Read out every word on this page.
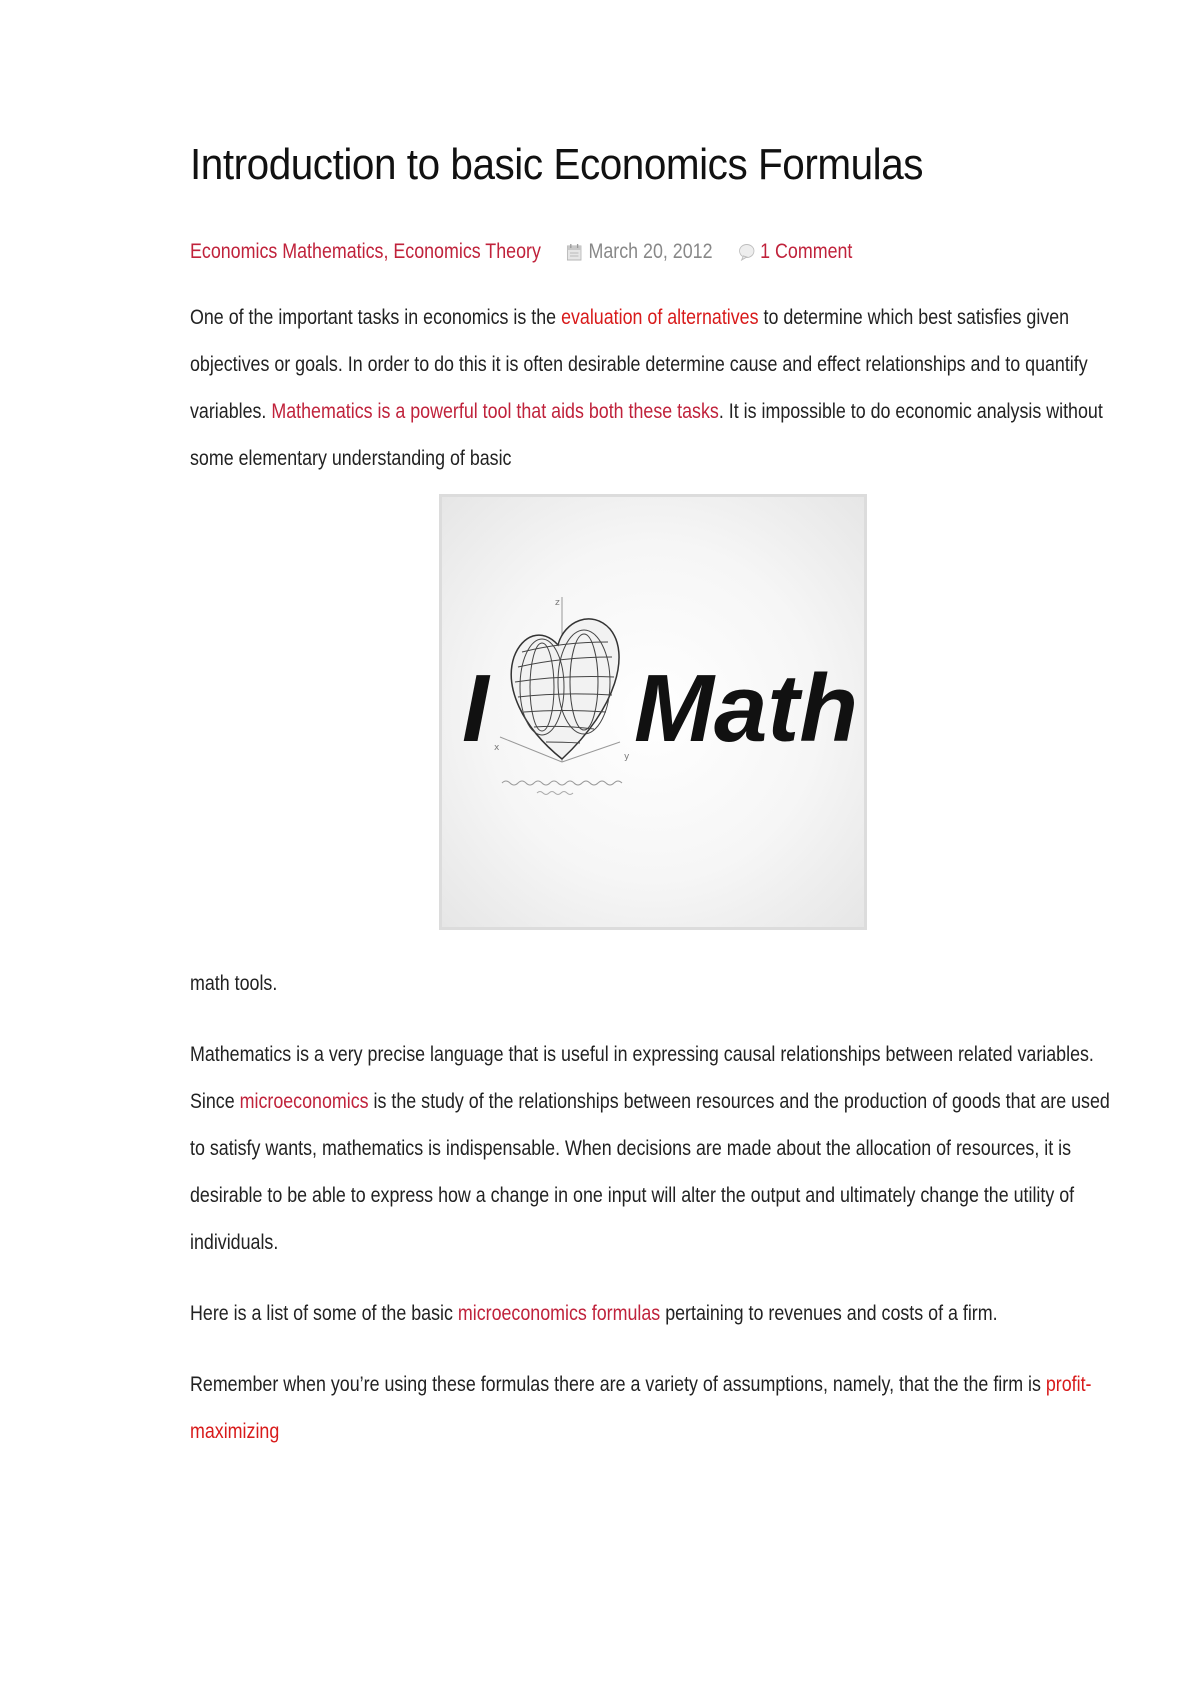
Introduction to basic Economics Formulas
Economics Mathematics ,
Economics Theory March 20, 2012 1 Comment

One of the important tasks in economics is the evaluation of alternatives to determine which best satisfies given objectives or goals. In order to do this it is often desirable determine cause and effect relationships and to quantify variables. Mathematics is a powerful tool that aids both these tasks. It is impossible to do economic analysis without some elementary understanding of basic

z
x
y
I Math

math tools.

Mathematics is a very precise language that is useful in expressing causal relationships between related variables. Since microeconomics is the study of the relationships between resources and the production of goods that are used to satisfy wants, mathematics is indispensable. When decisions are made about the allocation of resources, it is desirable to be able to express how a change in one input will alter the output and ultimately change the utility of individuals.

Here is a list of some of the basic microeconomics formulas pertaining to revenues and costs of a firm.

Remember when you’re using these formulas there are a variety of assumptions, namely, that the the firm is profit-maximizing
